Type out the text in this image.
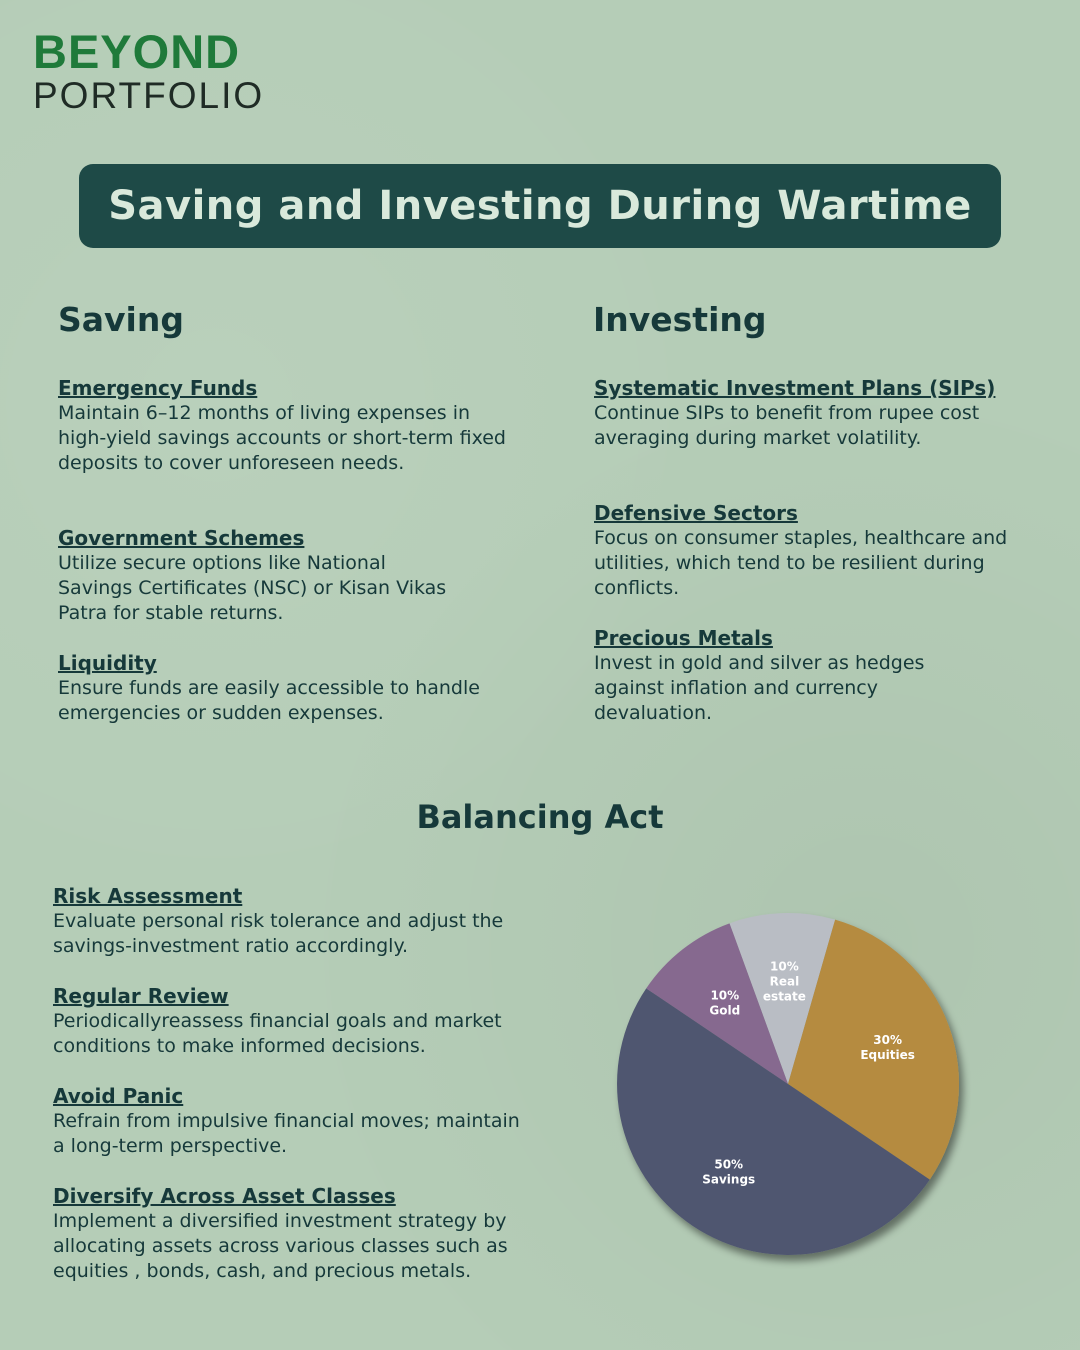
BEYOND
PORTFOLIO
Saving and Investing During Wartime
Saving	Investing
Emergency Funds
Maintain 6–12 months of living expenses in high-yield savings accounts or short-term fixed deposits to cover unforeseen needs.
Government Schemes
Utilize secure options like National Savings Certificates (NSC) or Kisan Vikas Patra for stable returns.
Liquidity
Ensure funds are easily accessible to handle emergencies or sudden expenses.
Systematic Investment Plans (SIPs)
Continue SIPs to benefit from rupee cost averaging during market volatility.
Defensive Sectors
Focus on consumer staples, healthcare and utilities, which tend to be resilient during conflicts.
Precious Metals
Invest in gold and silver as hedges against inflation and currency devaluation.
Balancing Act
Risk Assessment
Evaluate personal risk tolerance and adjust the savings-investment ratio accordingly.
Regular Review
Periodicallyreassess financial goals and market conditions to make informed decisions.
Avoid Panic
Refrain from impulsive financial moves; maintain a long-term perspective.
Diversify Across Asset Classes
Implement a diversified investment strategy by allocating assets across various classes such as equities , bonds, cash, and precious metals.
10% Real estate
30% Equities
50% Savings
10% Gold
